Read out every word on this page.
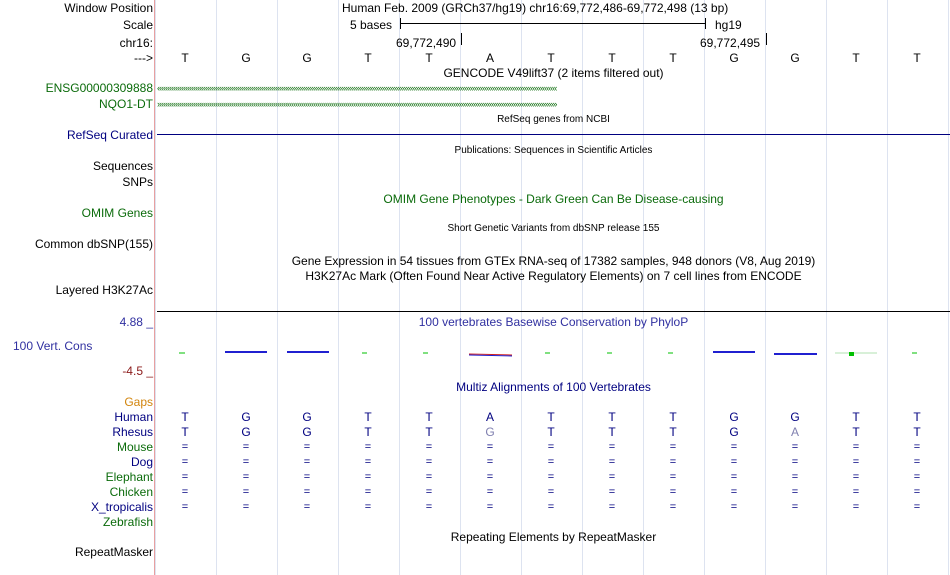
Window Position
Scale
chr16:
--->
Human Feb. 2009 (GRCh37/hg19) chr16:69,772,486-69,772,498 (13 bp)
5 bases	hg19
69,772,490	69,772,495
T	G	G	T	T	A	T	T	T	G	G	T	T
GENCODE V49lift37 (2 items filtered out)
ENSG00000309888 ‹‹‹‹‹‹‹‹‹‹‹‹‹‹‹‹‹‹‹‹‹‹‹‹‹‹‹‹‹‹‹‹‹‹‹‹‹‹‹‹‹‹‹‹‹‹‹‹‹‹‹‹‹‹‹‹‹‹‹‹‹‹‹‹‹‹‹‹‹‹‹‹‹‹‹‹‹‹‹‹‹‹‹‹‹‹‹‹‹‹‹‹‹‹‹‹‹‹‹‹‹‹‹‹‹‹‹‹‹‹‹‹‹‹‹‹‹‹‹‹‹‹‹‹‹‹‹‹‹‹‹‹‹‹‹‹‹‹‹‹‹‹‹‹‹‹‹‹‹‹‹‹‹‹‹‹‹‹‹‹‹‹‹‹‹‹‹‹‹‹‹‹‹‹‹‹‹‹‹‹‹‹‹‹‹‹‹‹‹‹‹‹‹‹‹‹‹‹‹‹
NQO1-DT ››››››››››››››››››››››››››››››››››››››››››››››››››››››››››››››››››››››››››››››››››››››››››››››››››››››››››››››››››››››››››››››››››››››››››››››››››››››››››››››››››››››››››››››››››››››››››››››››››››››››
RefSeq genes from NCBI
RefSeq Curated
Publications: Sequences in Scientific Articles
Sequences
SNPs
OMIM Gene Phenotypes - Dark Green Can Be Disease-causing
OMIM Genes
Short Genetic Variants from dbSNP release 155
Common dbSNP(155)
Gene Expression in 54 tissues from GTEx RNA-seq of 17382 samples, 948 donors (V8, Aug 2019)
H3K27Ac Mark (Often Found Near Active Regulatory Elements) on 7 cell lines from ENCODE
Layered H3K27Ac
4.88 _	100 vertebrates Basewise Conservation by PhyloP
100 Vert. Cons
-4.5 _
Multiz Alignments of 100 Vertebrates
Gaps
Human	T	G	G	T	T	A	T	T	T	G	G	T	T
Rhesus	T	G	G	T	T	G	T	T	T	G	A	T	T
Mouse	=	=	=	=	=	=	=	=	=	=	=	=	=
Dog	=	=	=	=	=	=	=	=	=	=	=	=	=
Elephant	=	=	=	=	=	=	=	=	=	=	=	=	=
Chicken	=	=	=	=	=	=	=	=	=	=	=	=	=
X_tropicalis	=	=	=	=	=	=	=	=	=	=	=	=	=
Zebrafish
Repeating Elements by RepeatMasker
RepeatMasker
